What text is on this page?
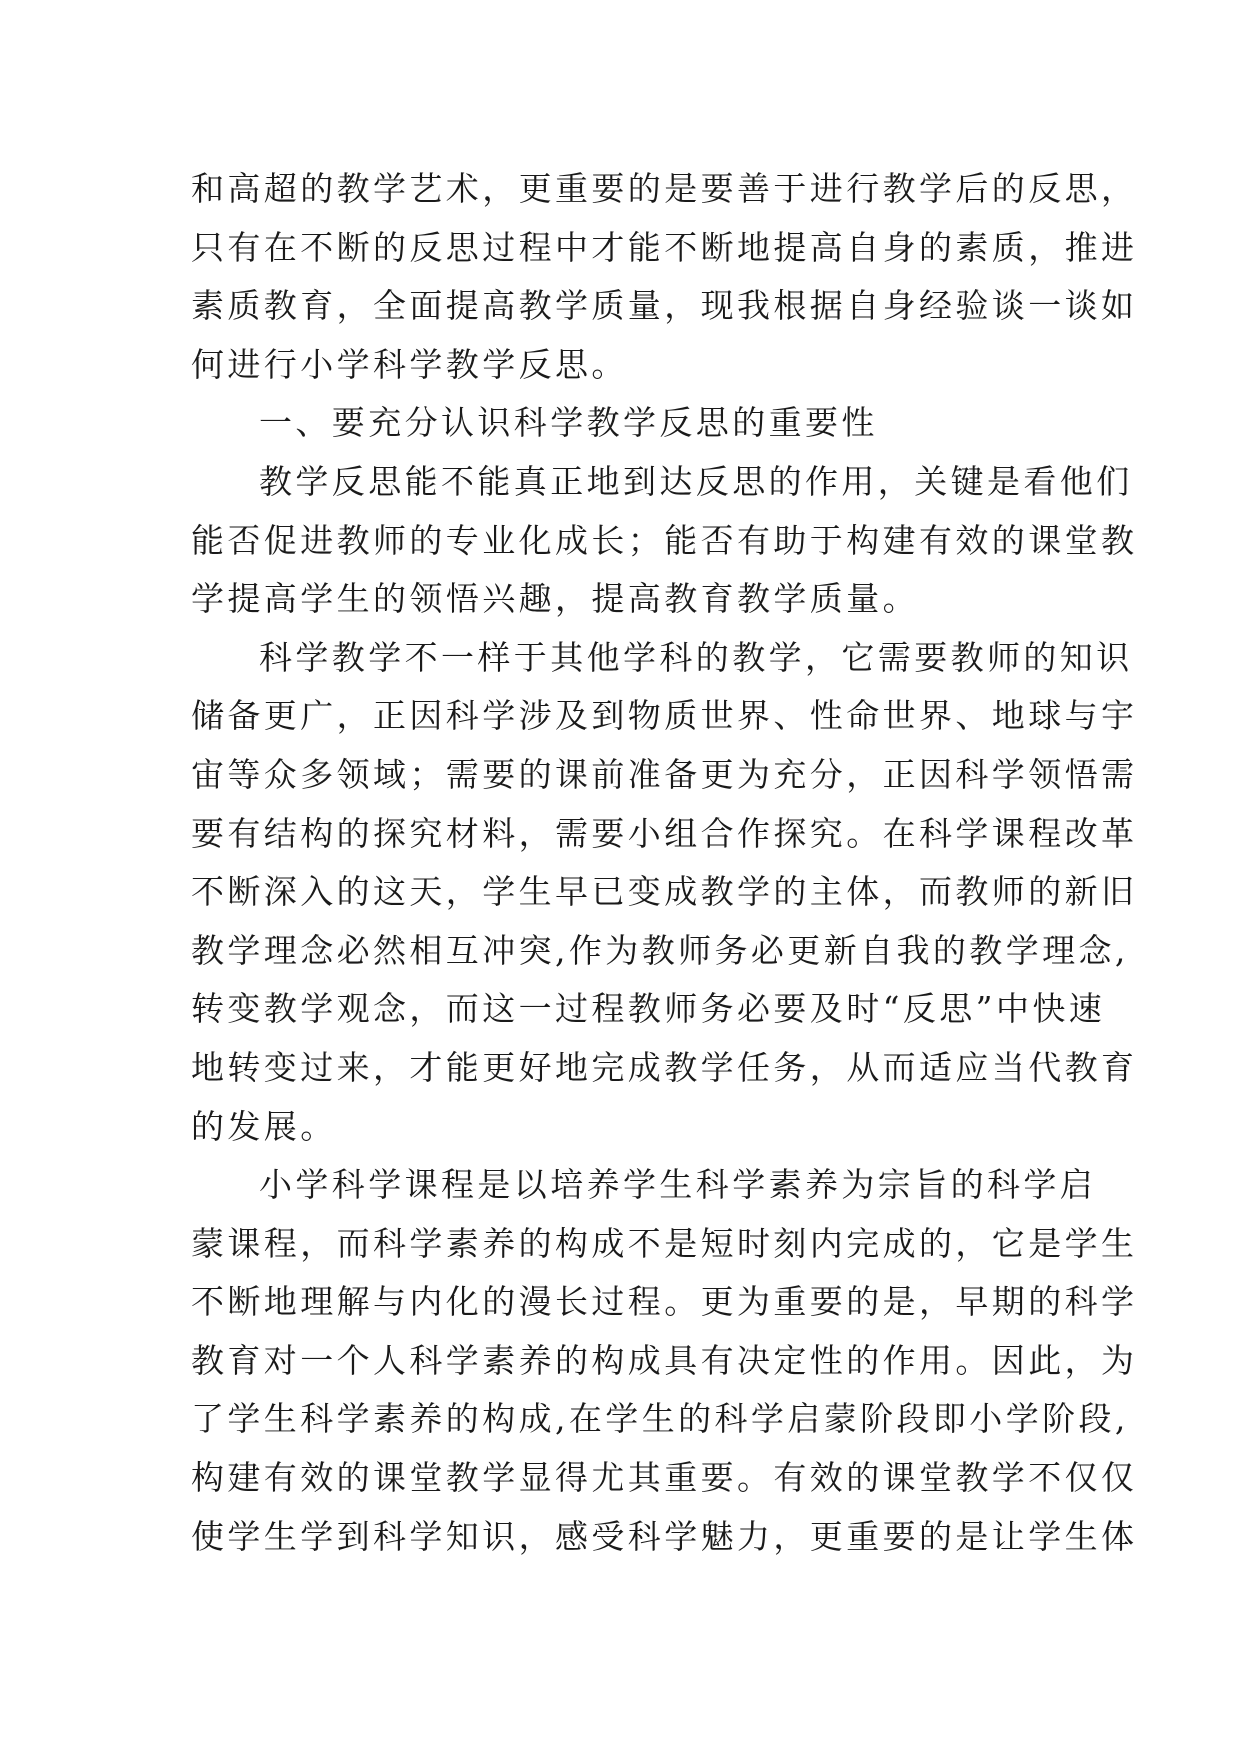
和高超的教学艺术，更重要的是要善于进行教学后的反思，
只有在不断的反思过程中才能不断地提高自身的素质，推进
素质教育，全面提高教学质量，现我根据自身经验谈一谈如
何进行小学科学教学反思。
一、要充分认识科学教学反思的重要性
教学反思能不能真正地到达反思的作用，关键是看他们
能否促进教师的专业化成长；能否有助于构建有效的课堂教
学提高学生的领悟兴趣，提高教育教学质量。
科学教学不一样于其他学科的教学，它需要教师的知识
储备更广，正因科学涉及到物质世界、性命世界、地球与宇
宙等众多领域；需要的课前准备更为充分，正因科学领悟需
要有结构的探究材料，需要小组合作探究。在科学课程改革
不断深入的这天，学生早已变成教学的主体，而教师的新旧
教学理念必然相互冲突,作为教师务必更新自我的教学理念,
转变教学观念，而这一过程教师务必要及时“反思”中快速
地转变过来，才能更好地完成教学任务，从而适应当代教育
的发展。
小学科学课程是以培养学生科学素养为宗旨的科学启
蒙课程，而科学素养的构成不是短时刻内完成的，它是学生
不断地理解与内化的漫长过程。更为重要的是，早期的科学
教育对一个人科学素养的构成具有决定性的作用。因此，为
了学生科学素养的构成,在学生的科学启蒙阶段即小学阶段,
构建有效的课堂教学显得尤其重要。有效的课堂教学不仅仅
使学生学到科学知识，感受科学魅力，更重要的是让学生体
